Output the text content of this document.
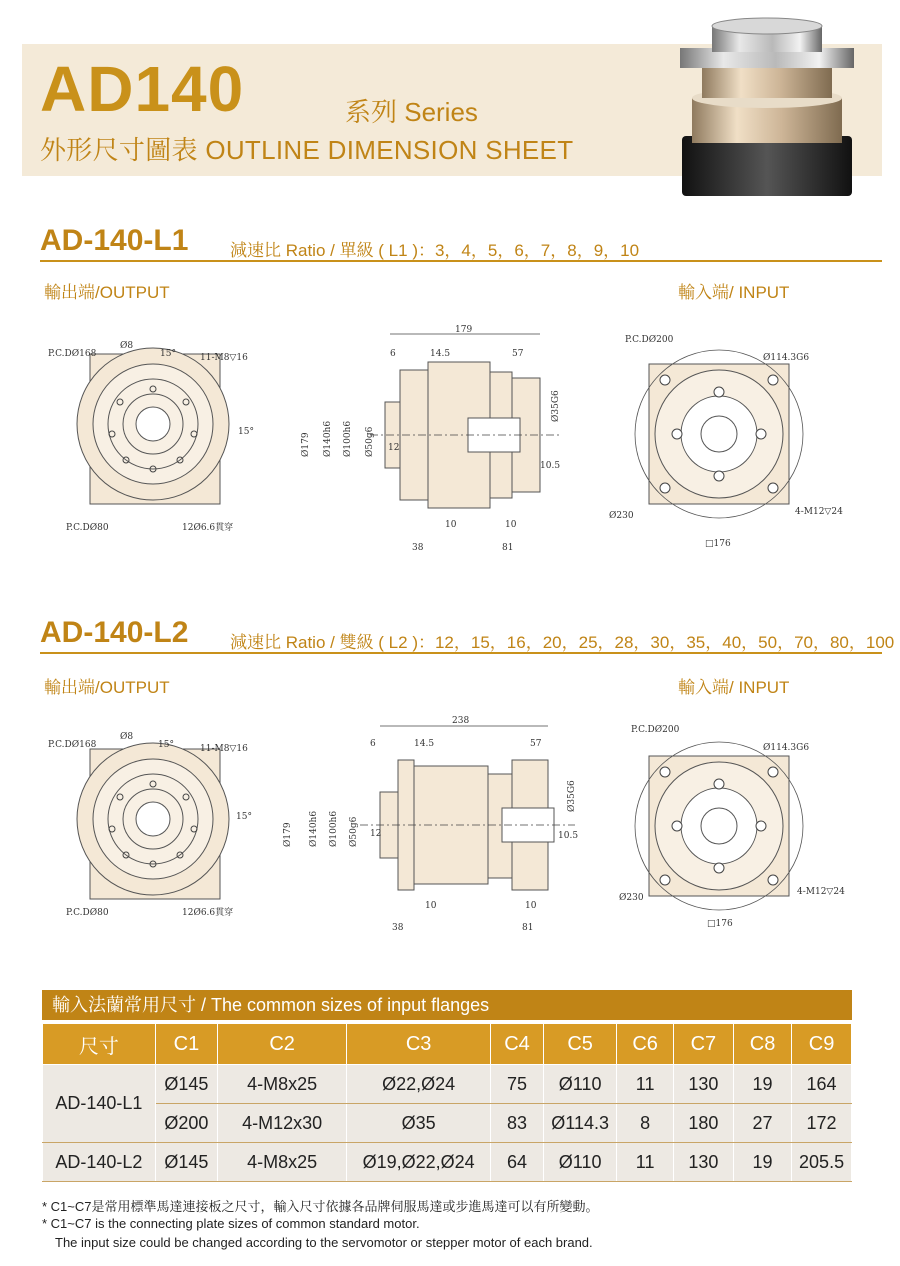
AD140	系列 Series
外形尺寸圖表 OUTLINE DIMENSION SHEET
AD-140-L1 減速比 Ratio / 單級 ( L1 )：3，4，5，6，7，8，9，10
輸出端/OUTPUT	輸入端/ INPUT
P.C.DØ168
Ø8
15°	11-M8▽16
15°
P.C.DØ80	12Ø6.6貫穿
179
6	14.5	57
Ø179 Ø140h6 Ø100h6 Ø50g6 12
Ø35G6
10.5
10	10
38	81
P.C.DØ200
Ø114.3G6
Ø230	4-M12▽24
□176
AD-140-L2 減速比 Ratio / 雙級 ( L2 )：12，15，16，20，25，28，30，35，40，50，70，80，100
輸出端/OUTPUT	輸入端/ INPUT
P.C.DØ168
Ø8
15°	11-M8▽16
15°
P.C.DØ80	12Ø6.6貫穿
238
6	14.5	57
Ø179 Ø140h6 Ø100h6 Ø50g6 12
Ø35G6
10.5
10	10
38	81
P.C.DØ200
Ø114.3G6
Ø230
4-M12▽24
□176
輸入法蘭常用尺寸 / The common sizes of input flanges
尺寸	C1	C2	C3	C4	C5	C6	C7	C8	C9
AD-140-L1	Ø145	4-M8x25	Ø22,Ø24	75	Ø110	11	130	19	164
	Ø200	4-M12x30	Ø35	83	Ø114.3	8	180	27	172
AD-140-L2	Ø145	4-M8x25	Ø19,Ø22,Ø24	64	Ø110	11	130	19	205.5
* C1~C7是常用標準馬達連接板之尺寸，輸入尺寸依據各品牌伺服馬達或步進馬達可以有所變動。
* C1~C7 is the connecting plate sizes of common standard motor.
The input size could be changed according to the servomotor or stepper motor of each brand.
